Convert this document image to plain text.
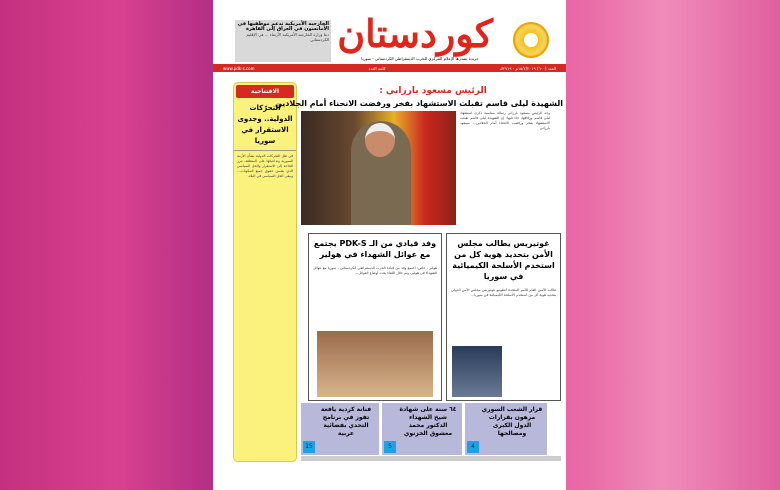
الخارجية الأمريكية تدعم موظفيها في الأمانسون في العراق إلى القاهرة
دعا وزارة الخارجية الأمريكية الأربعاء ... في الإقليم الكردستاني كوردستان
جريدة يصدرها الإعلام المركزي للحزب الديمقراطي الكردستاني - سوريا
العدد (٦٠٠) ١٥/٢/٢٠١٩م - ٢٧١٩ك
كلمة العدد
www.pdk-s.com
الافتتاحية
التحرّكات الدولية.. وجدوى الاستقرار في سوريا
في ظل التحركات الدولية بشأن الأزمة السورية وتداعياتها على المنطقة، تبرز الحاجة إلى الاستقرار والحل السياسي الذي يضمن حقوق جميع المكونات... ويبقى الحل السياسي في البلاد.
الرئيس مسعود بارزاني :
الشهيدة ليلى قاسم تقبلت الاستشهاد بفخر ورفضت الانحناء أمام الجلادين
وجه الرئيس مسعود بارزاني رسالة بمناسبة ذكرى استشهاد ليلى قاسم ورفاقها، جاء فيها: إن الشهيدة ليلى قاسم تقبلت الاستشهاد بفخر ورفضت الانحناء أمام الجلادين... مسعود بارزاني
وفد قيادي من الـ PDK-S يجتمع مع عوائل الشهداء في هولير
هولير - خاص: اجتمع وفد من قيادة الحزب الديمقراطي الكردستاني - سوريا مع عوائل الشهداء في هولير، وتم خلال اللقاء بحث أوضاع العوائل...
غوتيريس يطالب مجلس الأمن بتحديد هوية كل من استخدم الأسلحة الكيميائية في سوريا
طالب الأمين العام للأمم المتحدة أنطونيو غوتيريس مجلس الأمن الدولي بتحديد هوية كل من استخدم الأسلحة الكيميائية في سوريا...
قرار الشعب السوري مرهون بقرارات الدول الكبرى ومصالحها
4
٦٤ سنة على شهادة شيخ الشهداء الدكتور محمد معشوق الخزنوي
5
فنانة كردية يافعة تفوز في برنامج التحدي بفضائية عربية
15
